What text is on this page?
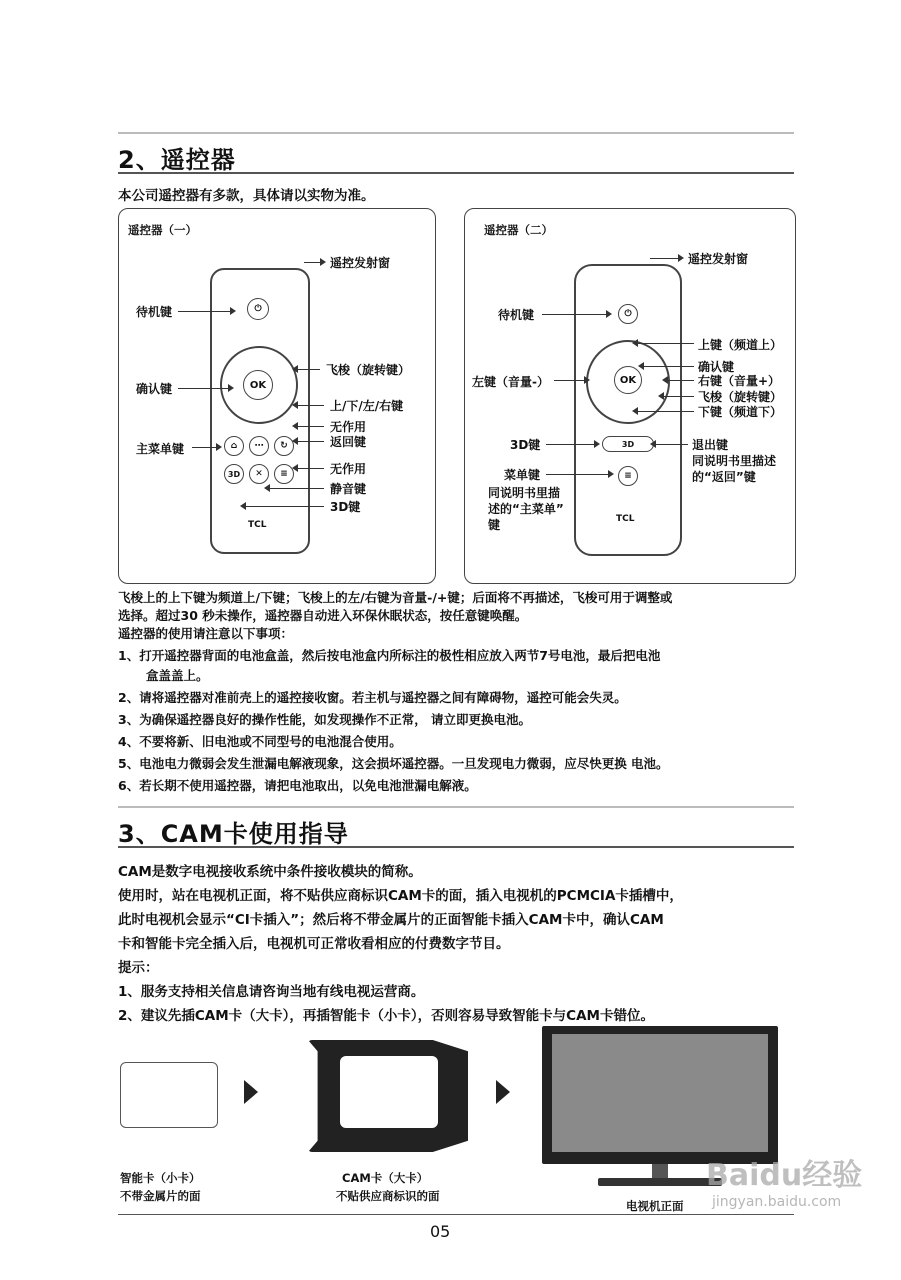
2、遥控器
本公司遥控器有多款，具体请以实物为准。
遥控器（一）
⏻
OK
⌂	⋯	↻
3D	✕	≡
TCL
遥控发射窗
待机键
飞梭（旋转键）
确认键
上/下/左/右键
无作用
返回键
主菜单键
无作用
静音键
3D键
遥控器（二）
⏻
OK
3D
≡
TCL
遥控发射窗
待机键
上键（频道上）
确认键
左键（音量-）	右键（音量+）
飞梭（旋转键）
下键（频道下）
3D键	退出键
同说明书里描述
的“返回”键
菜单键
同说明书里描
述的“主菜单”
键
飞梭上的上下键为频道上/下键；飞梭上的左/右键为音量-/+键；后面将不再描述，飞梭可用于调整或
选择。超过30 秒未操作，遥控器自动进入环保休眠状态，按任意键唤醒。
遥控器的使用请注意以下事项：
1、打开遥控器背面的电池盒盖，然后按电池盒内所标注的极性相应放入两节7号电池，最后把电池
盒盖盖上。
2、请将遥控器对准前壳上的遥控接收窗。若主机与遥控器之间有障碍物，遥控可能会失灵。
3、为确保遥控器良好的操作性能，如发现操作不正常， 请立即更换电池。
4、不要将新、旧电池或不同型号的电池混合使用。
5、电池电力微弱会发生泄漏电解液现象，这会损坏遥控器。一旦发现电力微弱，应尽快更换 电池。
6、若长期不使用遥控器，请把电池取出，以免电池泄漏电解液。
3、CAM卡使用指导
CAM是数字电视接收系统中条件接收模块的简称。
使用时，站在电视机正面，将不贴供应商标识CAM卡的面，插入电视机的PCMCIA卡插槽中，
此时电视机会显示“CI卡插入”；然后将不带金属片的正面智能卡插入CAM卡中，确认CAM
卡和智能卡完全插入后，电视机可正常收看相应的付费数字节目。
提示：
1、服务支持相关信息请咨询当地有线电视运营商。
2、建议先插CAM卡（大卡），再插智能卡（小卡），否则容易导致智能卡与CAM卡错位。
智能卡（小卡）
不带金属片的面
CAM卡（大卡）
不贴供应商标识的面
电视机正面
05
Baidu经验
jingyan.baidu.com
